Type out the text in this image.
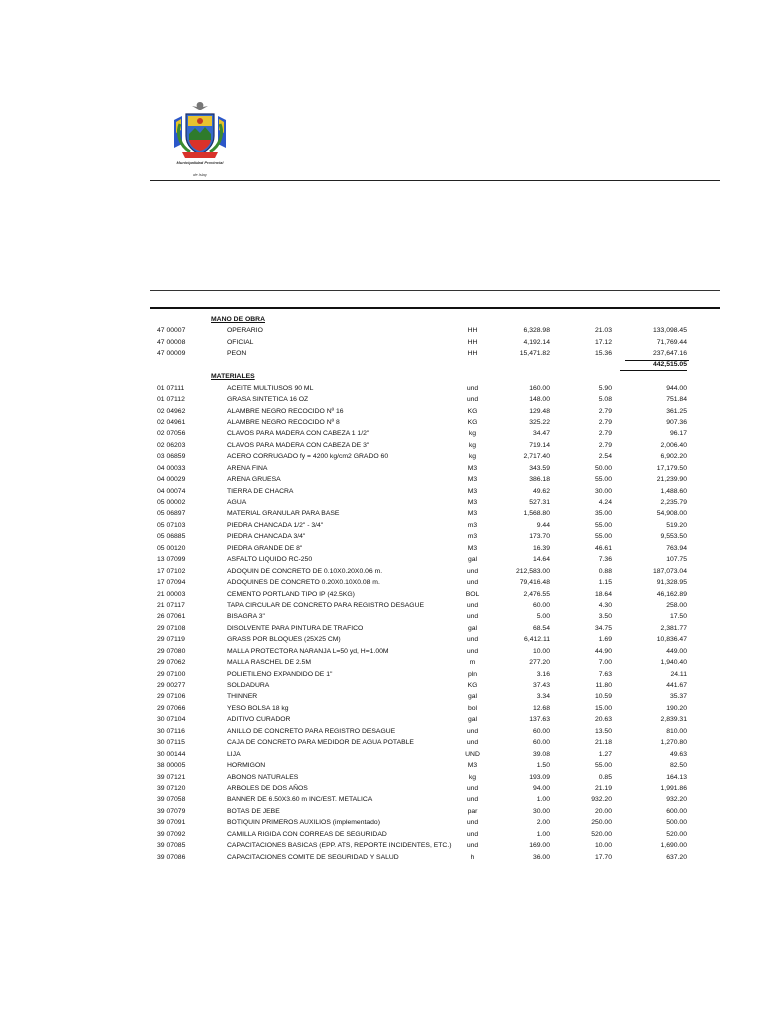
Municipalidad Provincial
de Islay
MANO DE OBRA
47 00007	OPERARIO	HH	6,328.98	21.03	133,098.45
47 00008	OFICIAL	HH	4,192.14	17.12	71,769.44
47 00009	PEON	HH	15,471.82	15.36	237,647.16
442,515.05
MATERIALES
01 07111	ACEITE MULTIUSOS 90 ML	und	160.00	5.90	944.00
01 07112	GRASA SINTETICA 16 OZ	und	148.00	5.08	751.84
02 04962	ALAMBRE NEGRO RECOCIDO Nº 16	KG	129.48	2.79	361.25
02 04961	ALAMBRE NEGRO RECOCIDO Nº 8	KG	325.22	2.79	907.36
02 07056	CLAVOS PARA MADERA CON CABEZA 1 1/2"	kg	34.47	2.79	96.17
02 06203	CLAVOS PARA MADERA CON CABEZA DE 3"	kg	719.14	2.79	2,006.40
03 06859	ACERO CORRUGADO fy = 4200 kg/cm2 GRADO 60	kg	2,717.40	2.54	6,902.20
04 00033	ARENA FINA	M3	343.59	50.00	17,179.50
04 00029	ARENA GRUESA	M3	386.18	55.00	21,239.90
04 00074	TIERRA DE CHACRA	M3	49.62	30.00	1,488.60
05 00002	AGUA	M3	527.31	4.24	2,235.79
05 06897	MATERIAL GRANULAR PARA BASE	M3	1,568.80	35.00	54,908.00
05 07103	PIEDRA CHANCADA 1/2" - 3/4"	m3	9.44	55.00	519.20
05 06885	PIEDRA CHANCADA 3/4"	m3	173.70	55.00	9,553.50
05 00120	PIEDRA GRANDE DE 8"	M3	16.39	46.61	763.94
13 07099	ASFALTO LIQUIDO RC-250	gal	14.64	7.36	107.75
17 07102	ADOQUIN DE CONCRETO DE 0.10X0.20X0.06 m.	und	212,583.00	0.88	187,073.04
17 07094	ADOQUINES DE CONCRETO 0.20X0.10X0.08 m.	und	79,416.48	1.15	91,328.95
21 00003	CEMENTO PORTLAND TIPO IP (42.5KG)	BOL	2,476.55	18.64	46,162.89
21 07117	TAPA CIRCULAR DE CONCRETO PARA REGISTRO DESAGUE	und	60.00	4.30	258.00
26 07061	BISAGRA 3"	und	5.00	3.50	17.50
29 07108	DISOLVENTE PARA PINTURA DE TRAFICO	gal	68.54	34.75	2,381.77
29 07119	GRASS POR BLOQUES (25X25 CM)	und	6,412.11	1.69	10,836.47
29 07080	MALLA PROTECTORA NARANJA L=50 yd, H=1.00M	und	10.00	44.90	449.00
29 07062	MALLA RASCHEL DE 2.5M	m	277.20	7.00	1,940.40
29 07100	POLIETILENO EXPANDIDO DE 1"	pln	3.16	7.63	24.11
29 00277	SOLDADURA	KG	37.43	11.80	441.67
29 07106	THINNER	gal	3.34	10.59	35.37
29 07066	YESO BOLSA 18 kg	bol	12.68	15.00	190.20
30 07104	ADITIVO CURADOR	gal	137.63	20.63	2,839.31
30 07116	ANILLO DE CONCRETO PARA REGISTRO DESAGUE	und	60.00	13.50	810.00
30 07115	CAJA DE CONCRETO PARA MEDIDOR DE AGUA POTABLE	und	60.00	21.18	1,270.80
30 00144	LIJA	UND	39.08	1.27	49.63
38 00005	HORMIGON	M3	1.50	55.00	82.50
39 07121	ABONOS NATURALES	kg	193.09	0.85	164.13
39 07120	ARBOLES DE DOS AÑOS	und	94.00	21.19	1,991.86
39 07058	BANNER DE 6.50X3.60 m INC/EST. METALICA	und	1.00	932.20	932.20
39 07079	BOTAS DE JEBE	par	30.00	20.00	600.00
39 07091	BOTIQUIN PRIMEROS AUXILIOS (implementado)	und	2.00	250.00	500.00
39 07092	CAMILLA RIGIDA CON CORREAS DE SEGURIDAD	und	1.00	520.00	520.00
39 07085	CAPACITACIONES BASICAS (EPP. ATS, REPORTE INCIDENTES, ETC.)	und	169.00	10.00	1,690.00
39 07086	CAPACITACIONES COMITE DE SEGURIDAD Y SALUD	h	36.00	17.70	637.20
